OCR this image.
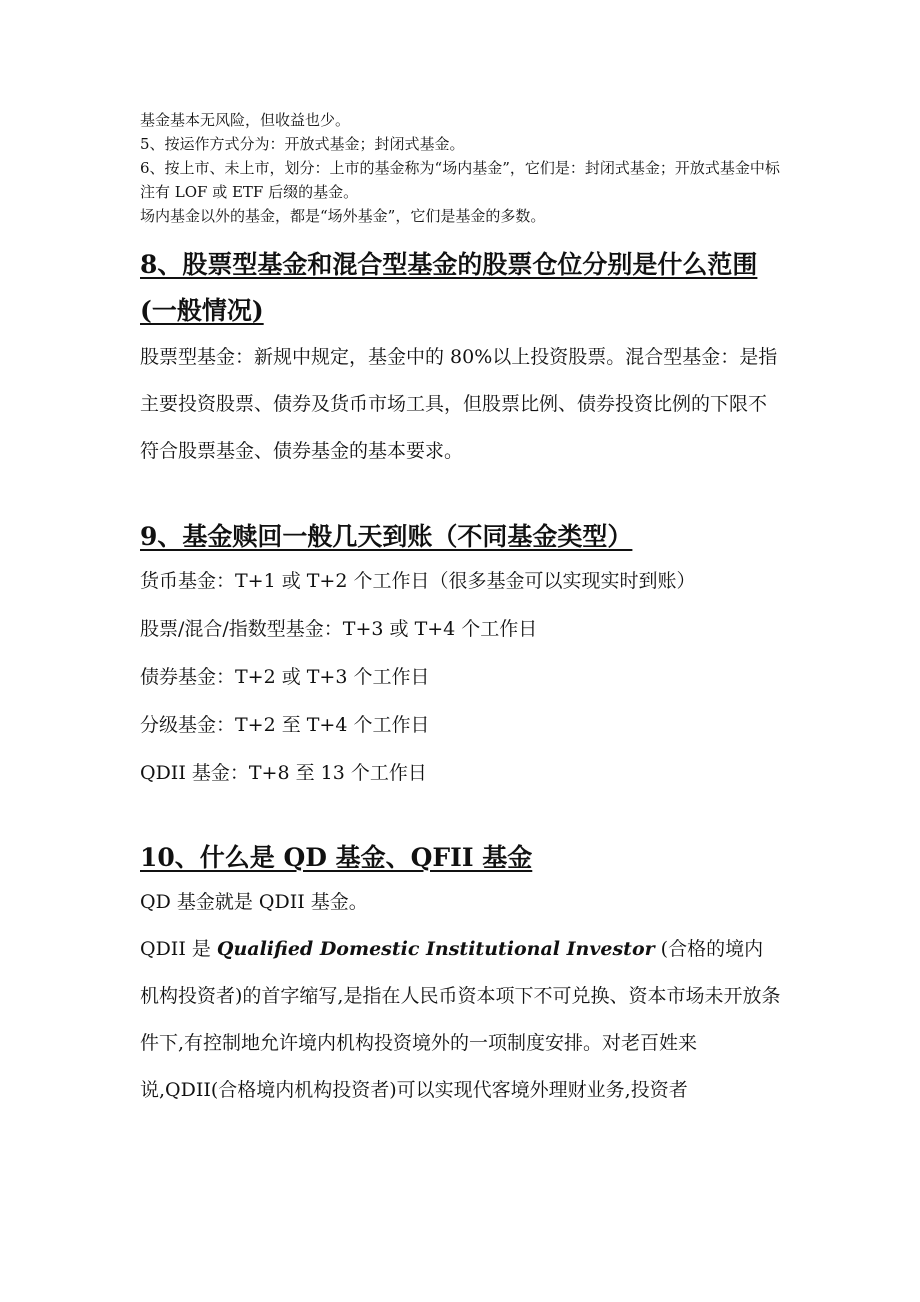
基金基本无风险，但收益也少。

5、按运作方式分为：开放式基金；封闭式基金。

6、按上市、未上市，划分：上市的基金称为“场内基金”，它们是：封闭式基金；开放式基金中标注有 LOF 或 ETF 后缀的基金。

场内基金以外的基金，都是“场外基金”，它们是基金的多数。

8、股票型基金和混合型基金的股票仓位分别是什么范围(一般情况)

股票型基金：新规中规定，基金中的 80%以上投资股票。混合型基金：是指主要投资股票、债券及货币市场工具，但股票比例、债券投资比例的下限不符合股票基金、债券基金的基本要求。

9、基金赎回一般几天到账（不同基金类型）

货币基金：T+1 或 T+2 个工作日（很多基金可以实现实时到账）

股票/混合/指数型基金：T+3 或 T+4 个工作日

债券基金：T+2 或 T+3 个工作日

分级基金：T+2 至 T+4 个工作日

QDII 基金：T+8 至 13 个工作日

10、什么是 QD 基金、QFII 基金

QD 基金就是 QDII 基金。

QDII 是 Qualified Domestic Institutional Investor (合格的境内机构投资者)的首字缩写,是指在人民币资本项下不可兑换、资本市场未开放条件下,有控制地允许境内机构投资境外的一项制度安排。对老百姓来说,QDII(合格境内机构投资者)可以实现代客境外理财业务,投资者
